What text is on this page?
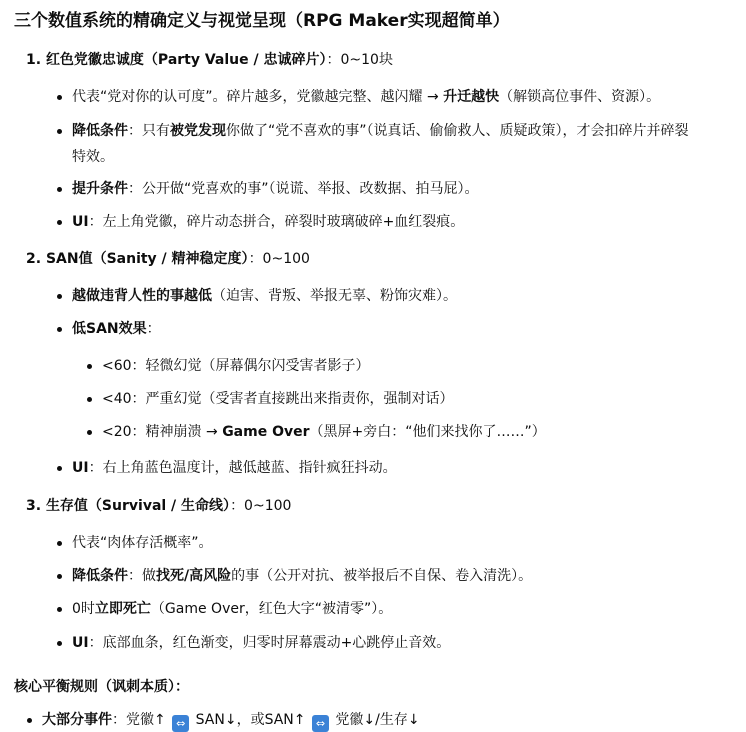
三个数值系统的精确定义与视觉呈现（RPG Maker实现超简单）
1. 红色党徽忠诚度（Party Value / 忠诚碎片）：0~10块
代表“党对你的认可度”。碎片越多，党徽越完整、越闪耀 → 升迁越快（解锁高位事件、资源）。
降低条件：只有被党发现你做了“党不喜欢的事”（说真话、偷偷救人、质疑政策），才会扣碎片并碎裂
特效。
提升条件：公开做“党喜欢的事”（说谎、举报、改数据、拍马屁）。
UI：左上角党徽，碎片动态拼合，碎裂时玻璃破碎+血红裂痕。
2. SAN值（Sanity / 精神稳定度）：0~100
越做违背人性的事越低（迫害、背叛、举报无辜、粉饰灾难）。
低SAN效果：
<60：轻微幻觉（屏幕偶尔闪受害者影子）
<40：严重幻觉（受害者直接跳出来指责你，强制对话）
<20：精神崩溃 → Game Over（黑屏+旁白：“他们来找你了……”）
UI：右上角蓝色温度计，越低越蓝、指针疯狂抖动。
3. 生存值（Survival / 生命线）：0~100
代表“肉体存活概率”。
降低条件：做找死/高风险的事（公开对抗、被举报后不自保、卷入清洗）。
0时立即死亡（Game Over，红色大字“被清零”）。
UI：底部血条，红色渐变，归零时屏幕震动+心跳停止音效。
核心平衡规则（讽刺本质）：
大部分事件：党徽↑ ⇔ SAN↓，或SAN↑ ⇔ 党徽↓/生存↓
